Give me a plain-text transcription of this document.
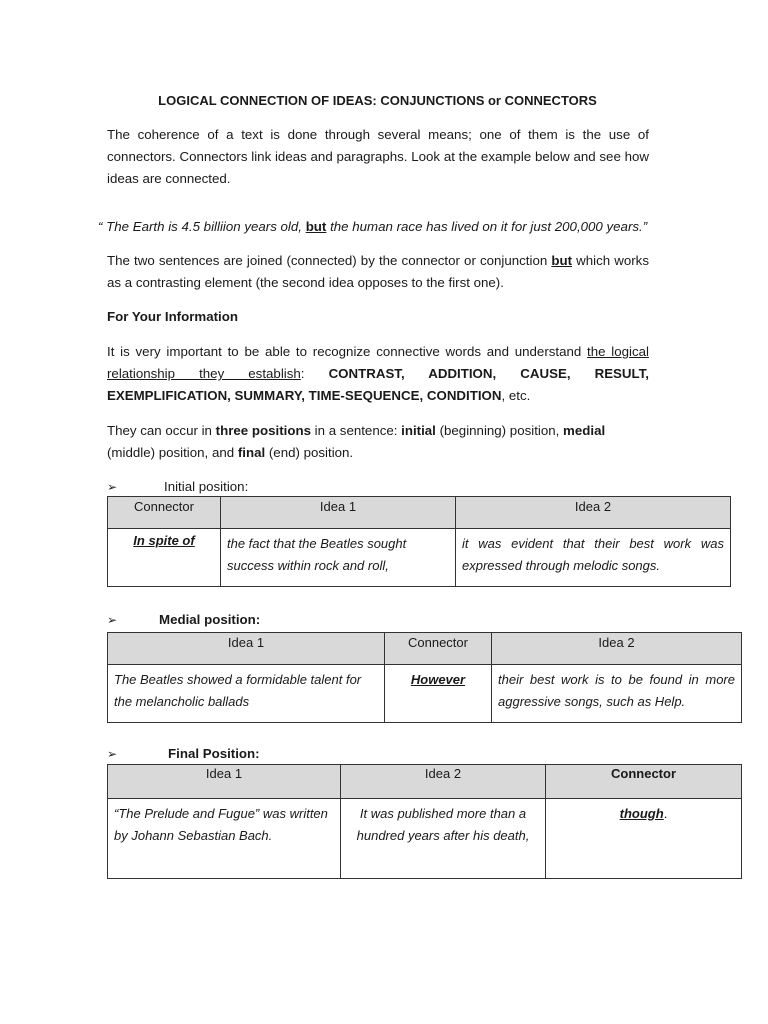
LOGICAL CONNECTION OF IDEAS: CONJUNCTIONS or CONNECTORS
The coherence of a text is done through several means; one of them is the use of connectors. Connectors link ideas and paragraphs. Look at the example below and see how ideas are connected.
“ The Earth is 4.5 billiion years old, but the human race has lived on it for just 200,000 years.”
The two sentences are joined (connected) by the connector or conjunction but which works as a contrasting element (the second idea opposes to the first one).
For Your Information
It is very important to be able to recognize connective words and understand the logical relationship they establish: CONTRAST, ADDITION, CAUSE, RESULT, EXEMPLIFICATION, SUMMARY, TIME-SEQUENCE, CONDITION, etc.
They can occur in three positions in a sentence: initial (beginning) position, medial (middle) position, and final (end) position.
➢	Initial position:
Connector	Idea 1	Idea 2
In spite of	the fact that the Beatles sought success within rock and roll,	it was evident that their best work was expressed through melodic songs.
➢	Medial position:
Idea 1	Connector	Idea 2
The Beatles showed a formidable talent for the melancholic ballads	However	their best work is to be found in more aggressive songs, such as Help.
➢	Final Position:
Idea 1	Idea 2	Connector
“The Prelude and Fugue” was written by Johann Sebastian Bach.	It was published more than a hundred years after his death,	though.
